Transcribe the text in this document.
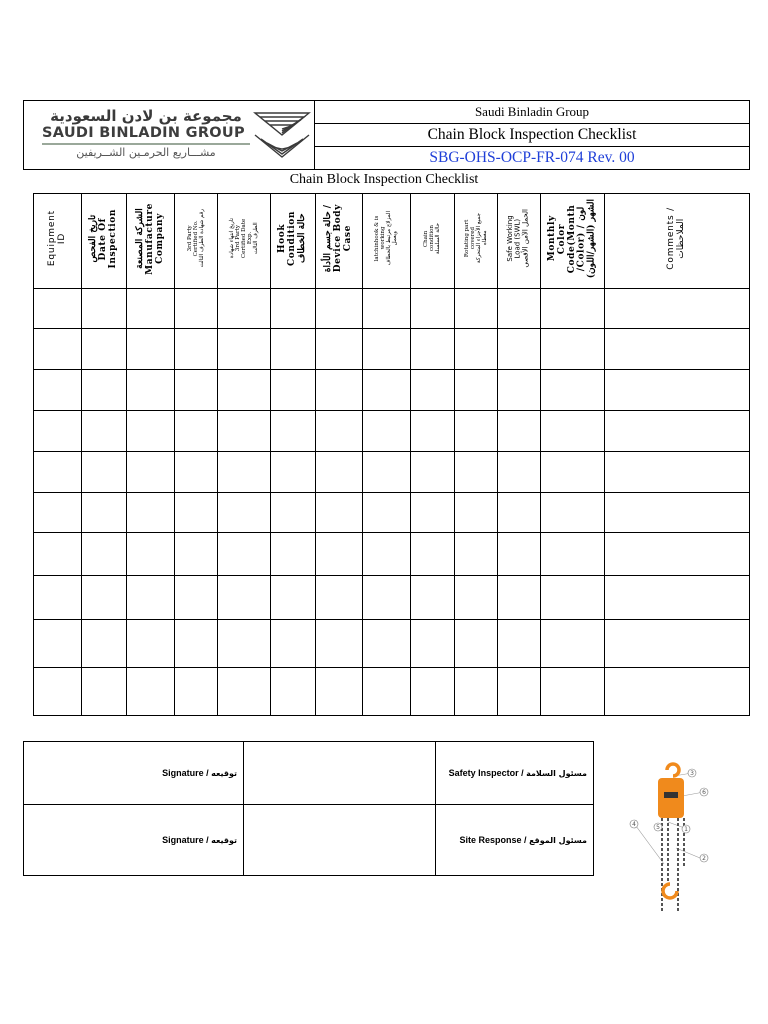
مجموعة بن لادن السعودية
SAUDI BINLADIN GROUP
مشـــاريع الحرمـين الشــريفين
Saudi Binladin Group
Chain Block Inspection Checklist
SBG-OHS-OCP-FR-074 Rev. 00
Chain Block Inspection Checklist
Equipment
ID	تاريخ الفحص
Date Of
Inspection	الشركة المصنعة
Manufacture
Company	3rd Party
Certified No.
رقم شهادة الطرف الثالث	تاريخ انتهاء شهادة
3rd Party
Certified Date
Exp.
الطرف الثالث	Hook
Condition
حالة الخطاف	حالة جسم الأداة /
Device Body
Case	latchinhook & is
working
المزلاج مرتبط بالخطاف
ويعمل	Chain
condition
حالة السلسلة	Rotating part
covered
جميع الأجزاء المتحركة
مغطاه	Safe Working
Load (SWL)
الحمل الآمن الأقصى	Monthly
Color
Code(Month
/Color) / لون
الشهر (الشهر/اللون)	Comments /
الملاحظات

Signature / توقيعه		Safety Inspector / مسئول السلامة
Signature / توقيعه		Site Response / مسئول الموقع
1
2
3
4	5
6
